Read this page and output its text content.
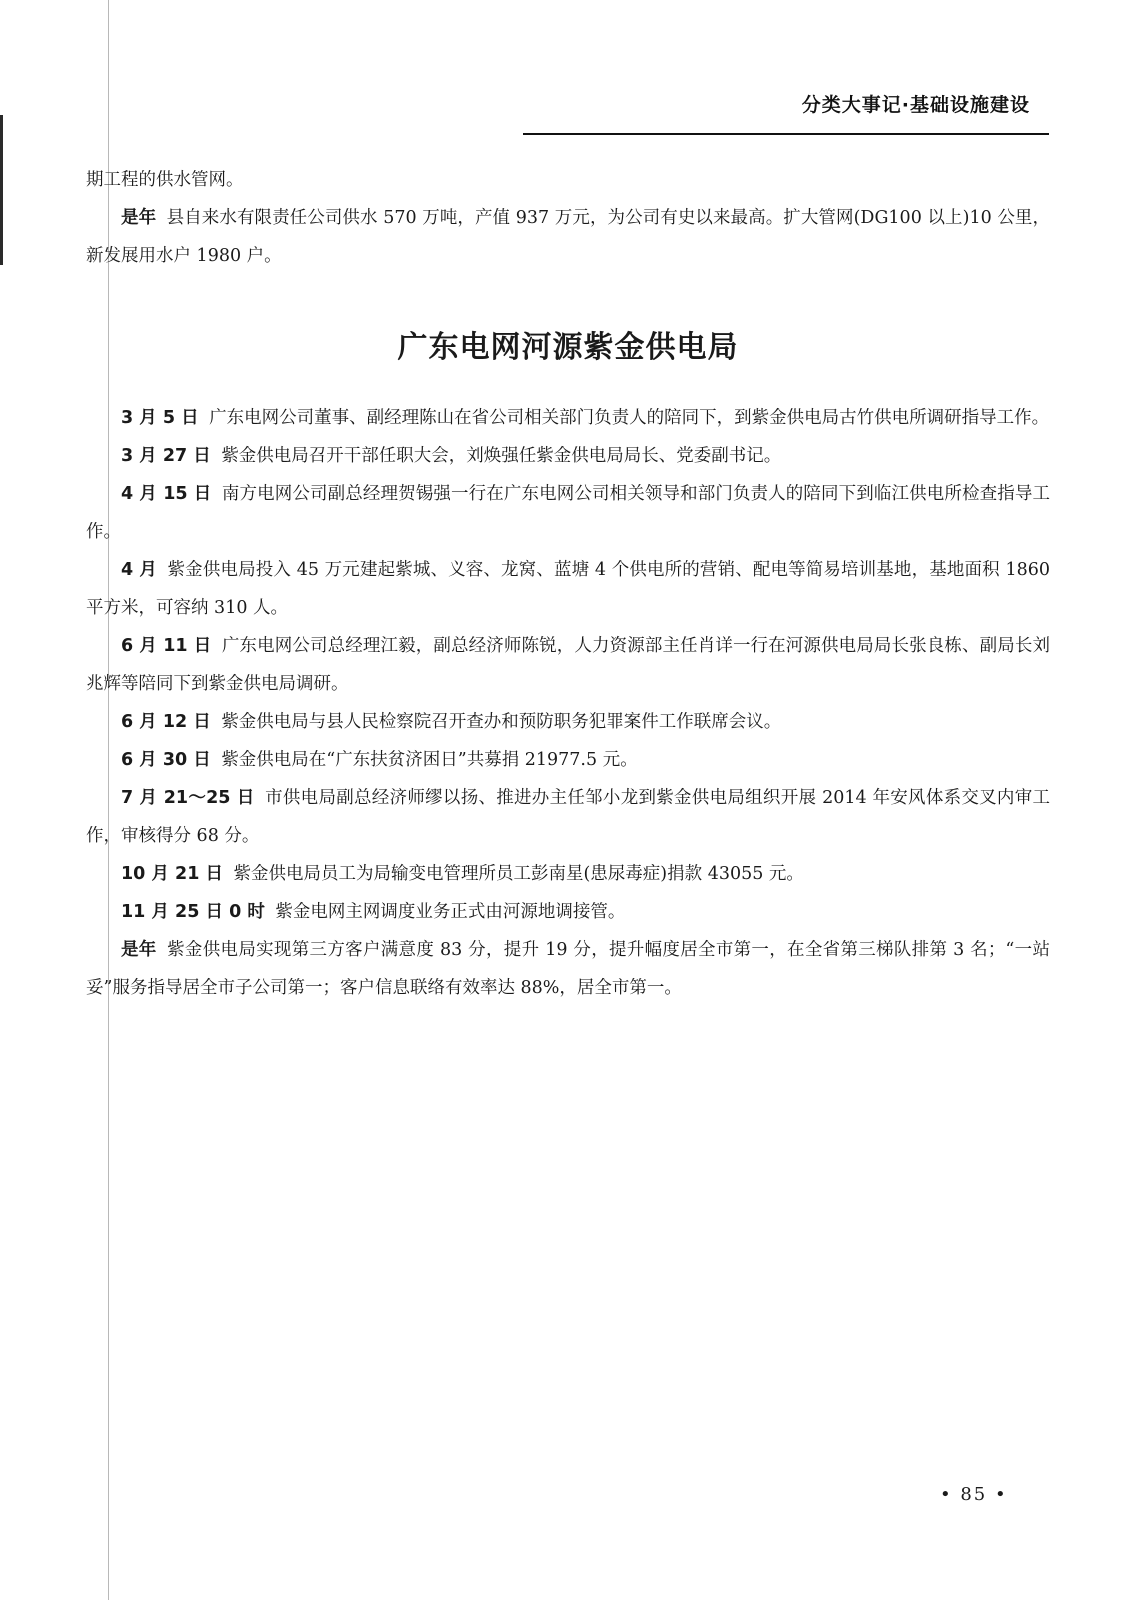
分类大事记·基础设施建设

期工程的供水管网。

是年 县自来水有限责任公司供水 570 万吨，产值 937 万元，为公司有史以来最高。扩大管网(DG100 以上)10 公里，新发展用水户 1980 户。

广东电网河源紫金供电局

3 月 5 日 广东电网公司董事、副经理陈山在省公司相关部门负责人的陪同下，到紫金供电局古竹供电所调研指导工作。

3 月 27 日 紫金供电局召开干部任职大会，刘焕强任紫金供电局局长、党委副书记。

4 月 15 日 南方电网公司副总经理贺锡强一行在广东电网公司相关领导和部门负责人的陪同下到临江供电所检查指导工作。

4 月 紫金供电局投入 45 万元建起紫城、义容、龙窝、蓝塘 4 个供电所的营销、配电等简易培训基地，基地面积 1860 平方米，可容纳 310 人。

6 月 11 日 广东电网公司总经理江毅，副总经济师陈锐，人力资源部主任肖详一行在河源供电局局长张良栋、副局长刘兆辉等陪同下到紫金供电局调研。

6 月 12 日 紫金供电局与县人民检察院召开查办和预防职务犯罪案件工作联席会议。

6 月 30 日 紫金供电局在“广东扶贫济困日”共募捐 21977.5 元。

7 月 21～25 日 市供电局副总经济师缪以扬、推进办主任邹小龙到紫金供电局组织开展 2014 年安风体系交叉内审工作，审核得分 68 分。

10 月 21 日 紫金供电局员工为局输变电管理所员工彭南星(患尿毒症)捐款 43055 元。

11 月 25 日 0 时 紫金电网主网调度业务正式由河源地调接管。

是年 紫金供电局实现第三方客户满意度 83 分，提升 19 分，提升幅度居全市第一，在全省第三梯队排第 3 名；“一站妥”服务指导居全市子公司第一；客户信息联络有效率达 88%，居全市第一。

• 85 •
